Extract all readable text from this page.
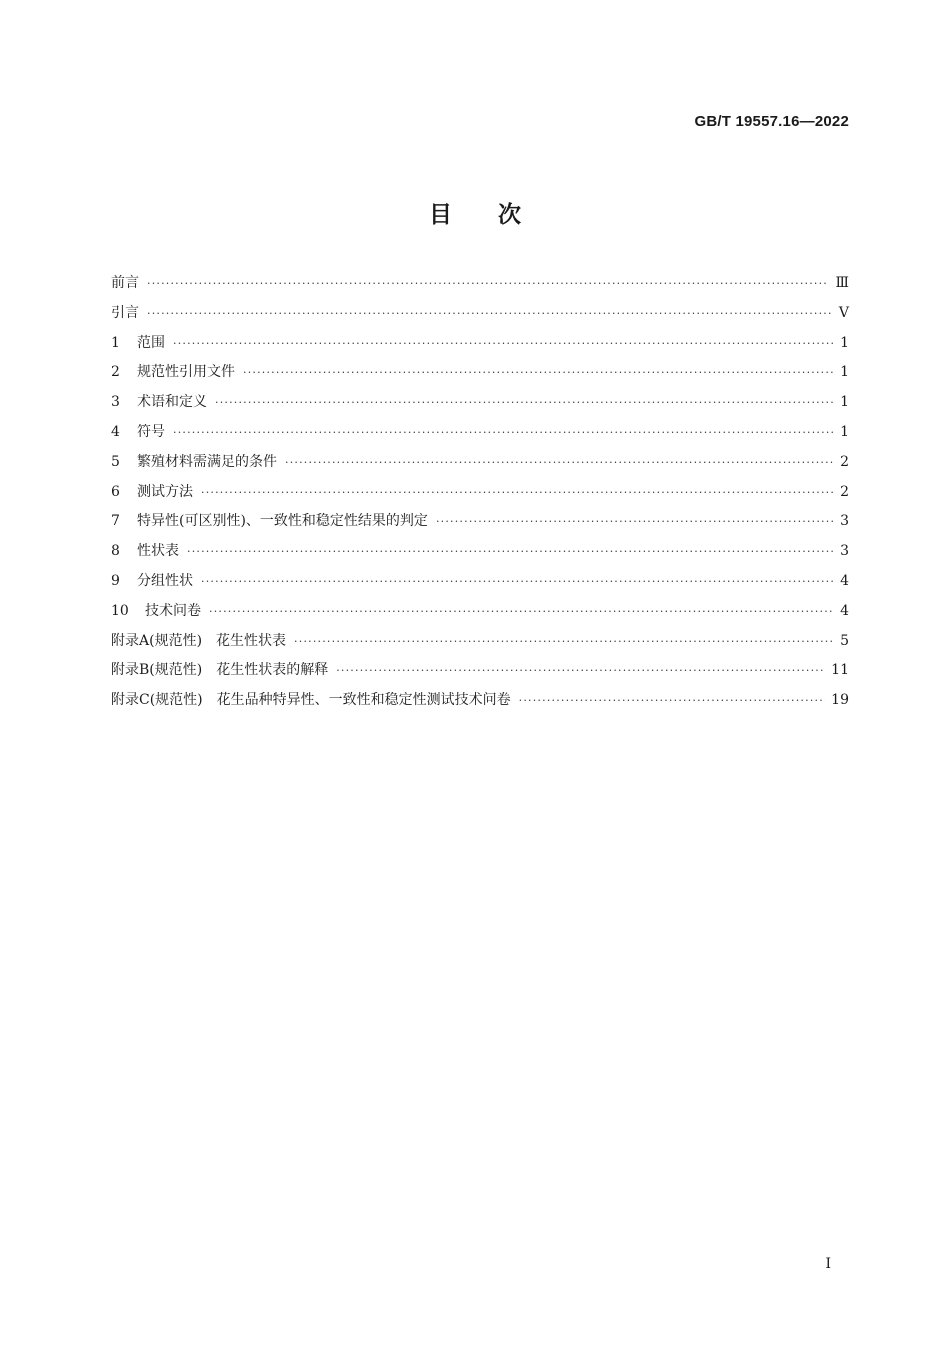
GB/T 19557.16—2022
目次
前言 ·····	Ⅲ
引言 ·····	Ⅴ
1	范围 ·····	1
2	规范性引用文件 ·····	1
3	术语和定义 ·····	1
4	符号 ·····	1
5	繁殖材料需满足的条件 ·····	2
6	测试方法 ·····	2
7	特异性(可区别性)、一致性和稳定性结果的判定 ·····	3
8	性状表 ·····	3
9	分组性状 ·····	4
10	技术问卷 ·····	4
附录A(规范性) 花生性状表 ·····	5
附录B(规范性) 花生性状表的解释 ·····	11
附录C(规范性) 花生品种特异性、一致性和稳定性测试技术问卷 ·····	19
I
